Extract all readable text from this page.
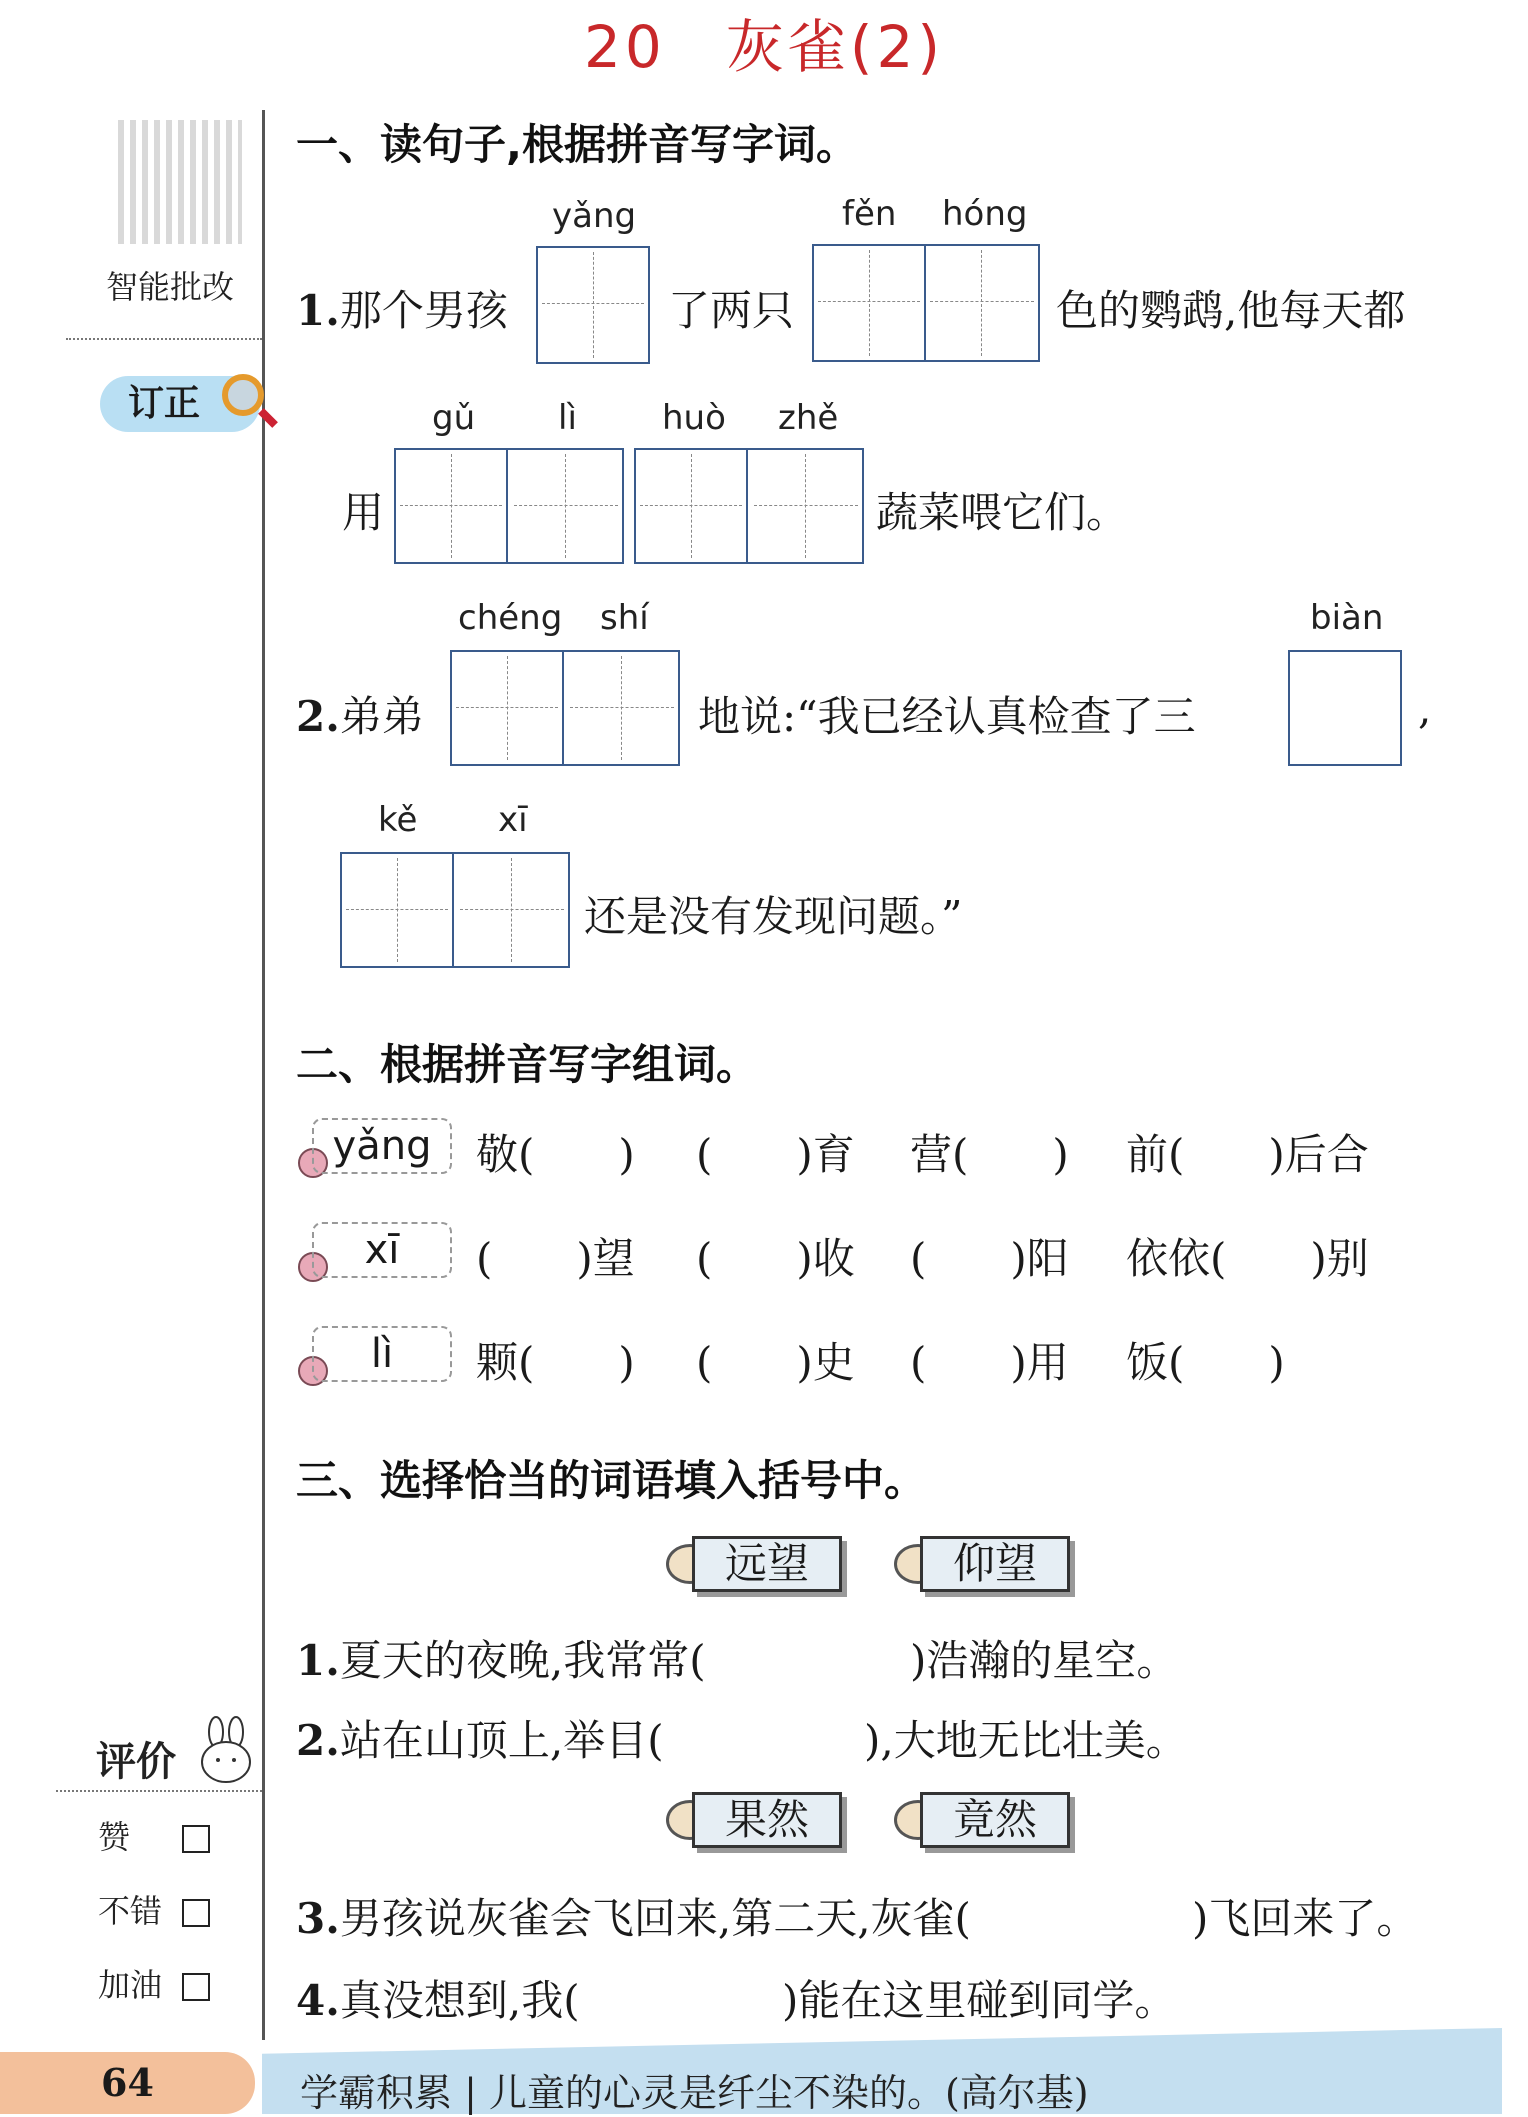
20 灰雀(2)
智能批改
订正
评价
赞
不错
加油
一、读句子,根据拼音写字词。
yǎng	fěn hóng
1.那个男孩	了两只	色的鹦鹉,他每天都
gǔ lì	huò zhě
用	蔬菜喂它们。
chéng shí	biàn
2.弟弟	地说:“我已经认真检查了三	,
kě xī
还是没有发现问题。”
二、根据拼音写字组词。
yǎng	敬(　　) (　　)育 营(　　) 前(　　)后合
xī	(　　)望 (　　)收 (　　)阳 依依(　　)别
lì	颗(　　) (　　)史 (　　)用 饭(　　)
三、选择恰当的词语填入括号中。
远望	仰望
1.夏天的夜晚,我常常(	)浩瀚的星空。
2.站在山顶上,举目(	),大地无比壮美。
果然	竟然
3.男孩说灰雀会飞回来,第二天,灰雀(	)飞回来了。
4.真没想到,我(	)能在这里碰到同学。
64	学霸积累 | 儿童的心灵是纤尘不染的。(高尔基)
